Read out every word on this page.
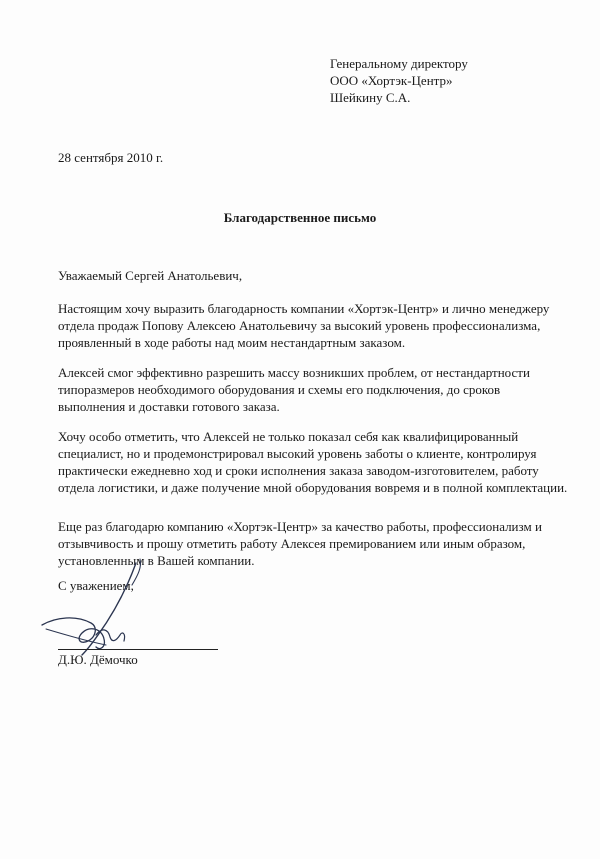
Генеральному директору
ООО «Хортэк-Центр»
Шейкину С.А.
28 сентября 2010 г.
Благодарственное письмо
Уважаемый Сергей Анатольевич,
Настоящим хочу выразить благодарность компании «Хортэк-Центр» и лично менеджеру отдела продаж Попову Алексею Анатольевичу за высокий уровень профессионализма, проявленный в ходе работы над моим нестандартным заказом.
Алексей смог эффективно разрешить массу возникших проблем, от нестандартности типоразмеров необходимого оборудования и схемы его подключения, до сроков выполнения и доставки готового заказа.
Хочу особо отметить, что Алексей не только показал себя как квалифицированный специалист, но и продемонстрировал высокий уровень заботы о клиенте, контролируя практически ежедневно ход и сроки исполнения заказа заводом-изготовителем, работу отдела логистики, и даже получение мной оборудования вовремя и в полной комплектации.
Еще раз благодарю компанию «Хортэк-Центр» за качество работы, профессионализм и отзывчивость и прошу отметить работу Алексея премированием или иным образом, установленным в Вашей компании.
С уважением,
Д.Ю. Дёмочко
